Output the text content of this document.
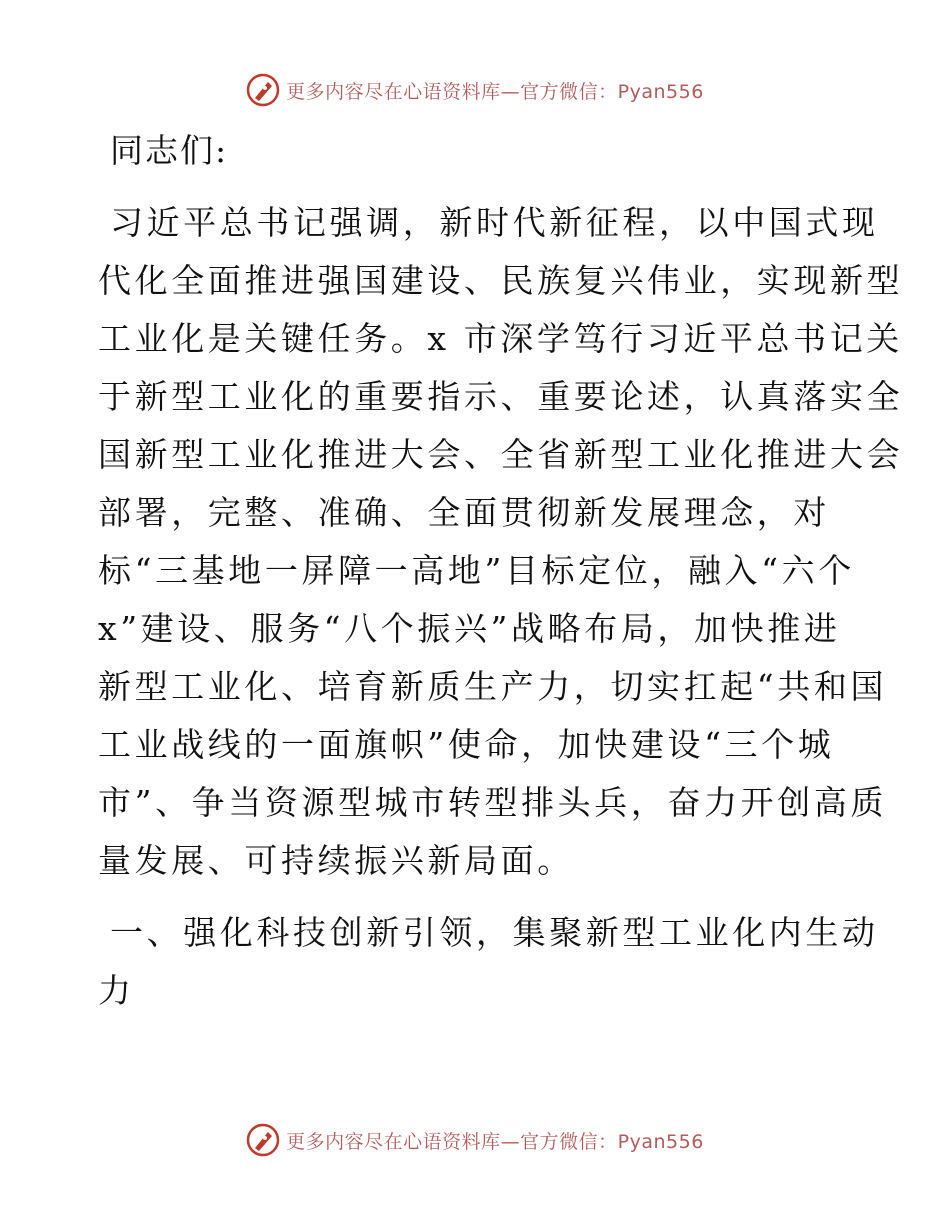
更多内容尽在心语资料库—官方微信：Pyan556
同志们:
习近平总书记强调，新时代新征程，以中国式现
代化全面推进强国建设、民族复兴伟业，实现新型
工业化是关键任务。x 市深学笃行习近平总书记关
于新型工业化的重要指示、重要论述，认真落实全
国新型工业化推进大会、全省新型工业化推进大会
部署，完整、准确、全面贯彻新发展理念，对
标“三基地一屏障一高地”目标定位，融入“六个
x”建设、服务“八个振兴”战略布局，加快推进
新型工业化、培育新质生产力，切实扛起“共和国
工业战线的一面旗帜”使命，加快建设“三个城
市”、争当资源型城市转型排头兵，奋力开创高质
量发展、可持续振兴新局面。
一、强化科技创新引领，集聚新型工业化内生动
力
更多内容尽在心语资料库—官方微信：Pyan556
